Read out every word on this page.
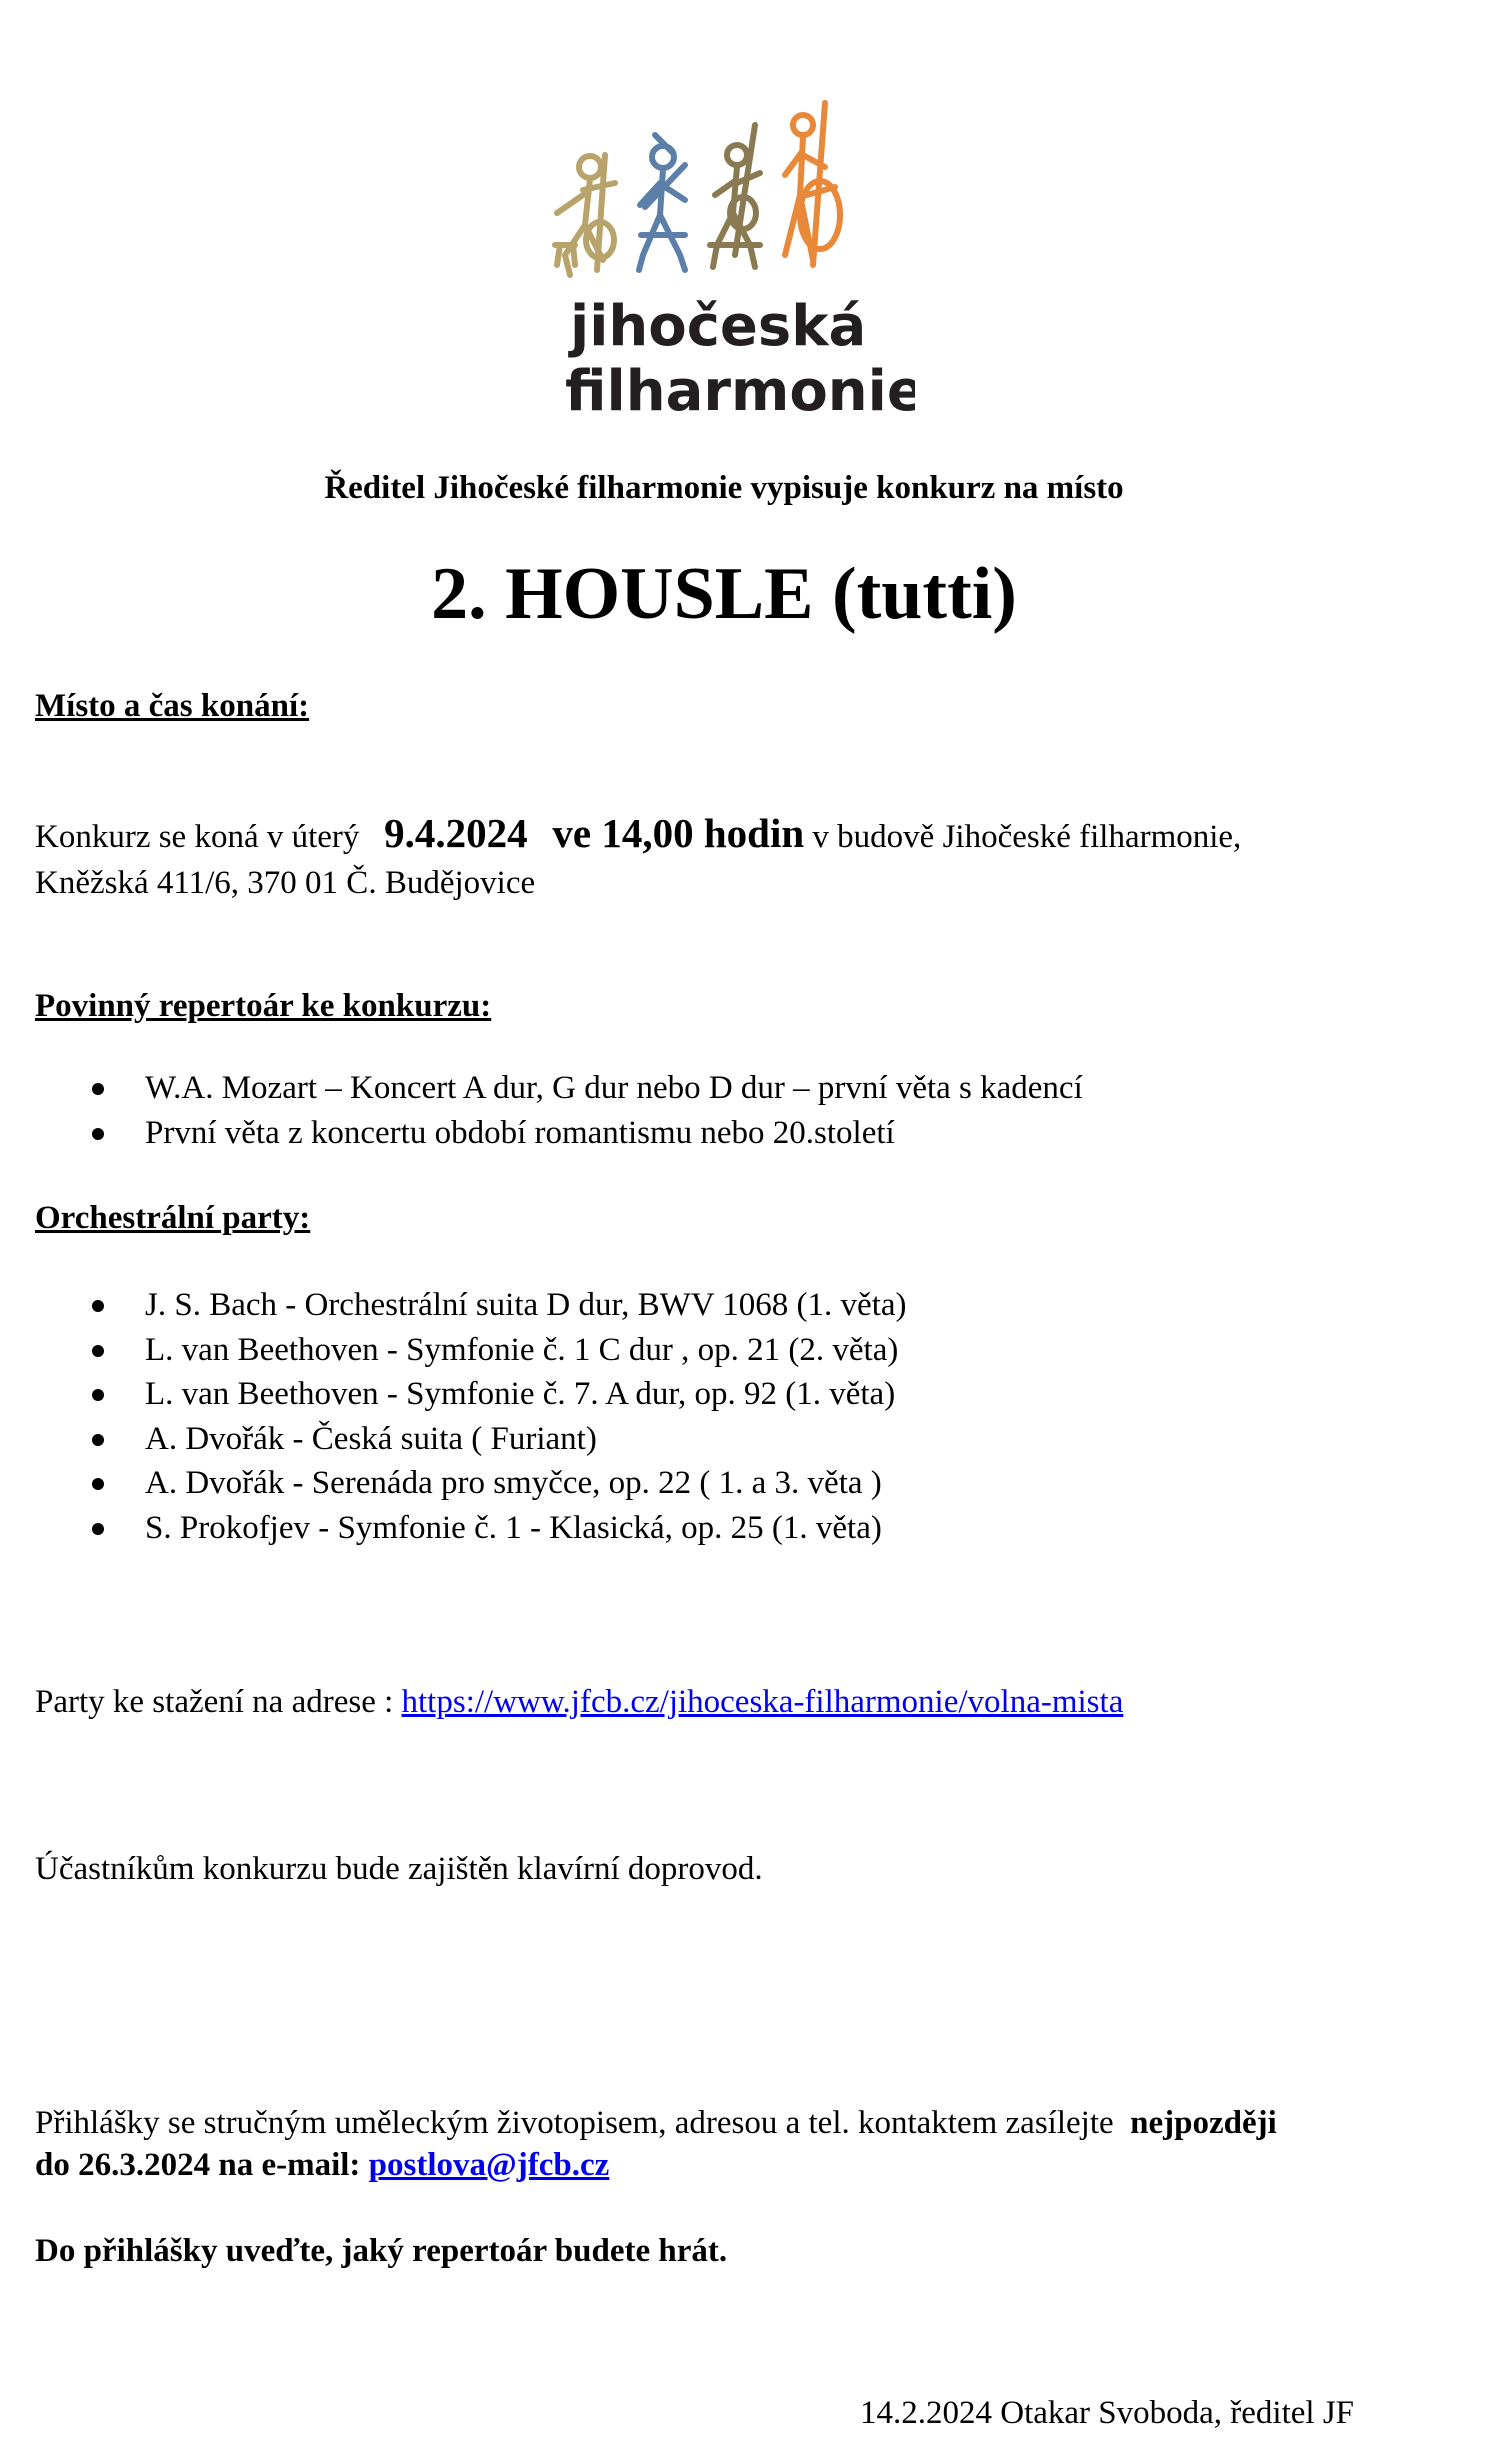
jihočeská
filharmonie
Ředitel Jihočeské filharmonie vypisuje konkurz na místo
2. HOUSLE (tutti)
Místo a čas konání:
Konkurz se koná v úterý 9.4.2024 ve 14,00 hodin v budově Jihočeské filharmonie,
Kněžská 411/6, 370 01 Č. Budějovice
Povinný repertoár ke konkurzu:
W.A. Mozart – Koncert A dur, G dur nebo D dur – první věta s kadencí
První věta z koncertu období romantismu nebo 20.století
Orchestrální party:
J. S. Bach - Orchestrální suita D dur, BWV 1068 (1. věta)
L. van Beethoven - Symfonie č. 1 C dur , op. 21 (2. věta)
L. van Beethoven - Symfonie č. 7. A dur, op. 92 (1. věta)
A. Dvořák - Česká suita ( Furiant)
A. Dvořák - Serenáda pro smyčce, op. 22 ( 1. a 3. věta )
S. Prokofjev - Symfonie č. 1 - Klasická, op. 25 (1. věta)
Party ke stažení na adrese : https://www.jfcb.cz/jihoceska-filharmonie/volna-mista
Účastníkům konkurzu bude zajištěn klavírní doprovod.
Přihlášky se stručným uměleckým životopisem, adresou a tel. kontaktem zasílejte nejpozději
do 26.3.2024 na e-mail: postlova@jfcb.cz
Do přihlášky uveďte, jaký repertoár budete hrát.
14.2.2024 Otakar Svoboda, ředitel JF
